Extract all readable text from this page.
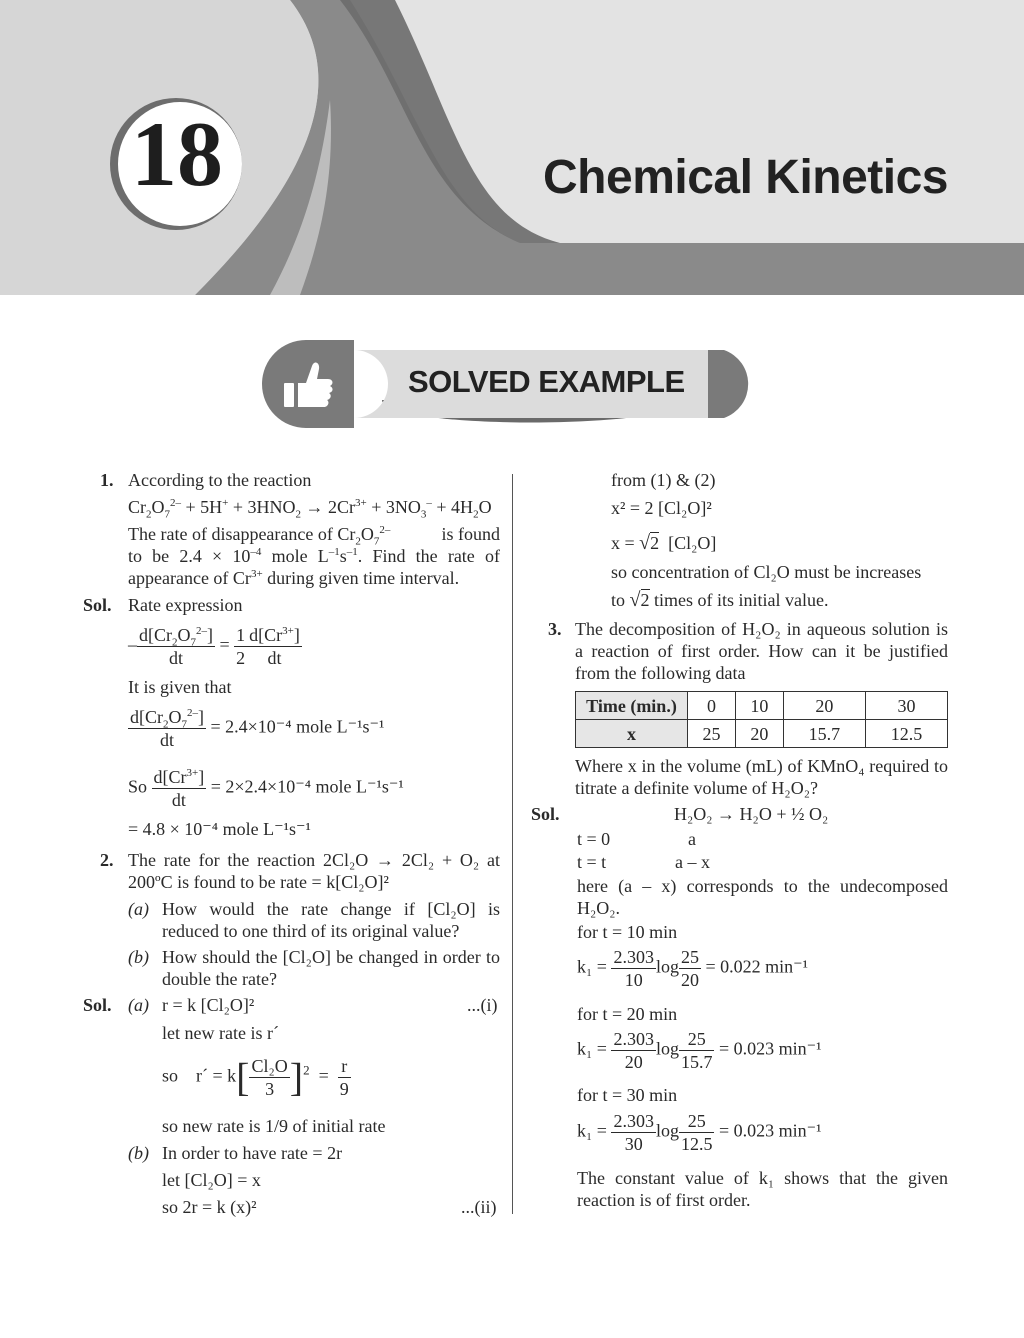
18	Chemical Kinetics
SOLVED EXAMPLE
1. According to the reaction
$Cr_2O_7^{2-} + 5H^+ + 3HNO_2 \to 2Cr^{3+} + 3NO_3^- + 4H_2O$
The rate of disappearance of $Cr_2O_7^{2-}$	is found
to be $2.4 \times 10^{-4}$ mole $L^{-1}s^{-1}$. Find the rate of appearance of $Cr^{3+}$ during given time interval.
Sol. Rate expression
– $\frac{d[Cr_2O_7^{2-}]}{dt} = \frac{1}{2} \frac{d[Cr^{3+}]}{dt}$
It is given that
$\frac{d[Cr_2O_7^{2-}]}{dt} = 2.4\times 10^{-4}$ mole L⁻¹s⁻¹
So $\frac{d[Cr^{3+}]}{dt} = 2\times 2.4\times 10^{-4}$ mole L⁻¹s⁻¹
= 4.8 × 10⁻⁴ mole L⁻¹s⁻¹
2. The rate for the reaction 2Cl₂O → 2Cl₂ + O₂ at 200ºC is found to be rate = k[Cl₂O]²
(a) How would the rate change if [Cl₂O] is reduced to one third of its original value?
(b) How should the [Cl₂O] be changed in order to double the rate?
Sol. (a) r = k [Cl₂O]²	...(i)
let new rate is r´
so r´ = $k[ \frac{\text{Cl₂O}}{3} ]^2 = \frac{r}{9}$
so new rate is 1/9 of initial rate
(b) In order to have rate = 2r
let [Cl₂O] = x
so 2r = k (x)²	...(ii)
from (1) & (2)
x² = 2 [Cl₂O]²
x = √2 [Cl₂O]
so concentration of Cl₂O must be increases
to √2 times of its initial value.
3. The decomposition of H₂O₂ in aqueous solution is a reaction of first order. How can it be justified from the following data
Time (min.)	0	10	20	30
x	25	20	15.7	12.5
Where x in the volume (mL) of KMnO₄ required to titrate a definite volume of H₂O₂?
Sol.	H₂O₂ → H₂O + ½ O₂
t = 0	a
t = t	a – x
here (a – x) corresponds to the undecomposed H₂O₂.
for t = 10 min
$k_1 = \frac{2.303}{10}$ $\log \frac{25}{20} = 0.022$ min⁻¹
for t = 20 min
$k_1 = \frac{2.303}{20}$ $\log \frac{25}{15.7} = 0.023$ min⁻¹
for t = 30 min
$k_1 = \frac{2.303}{30}$ $\log \frac{25}{12.5} = 0.023$ min⁻¹
The constant value of k₁ shows that the given reaction is of first order.
